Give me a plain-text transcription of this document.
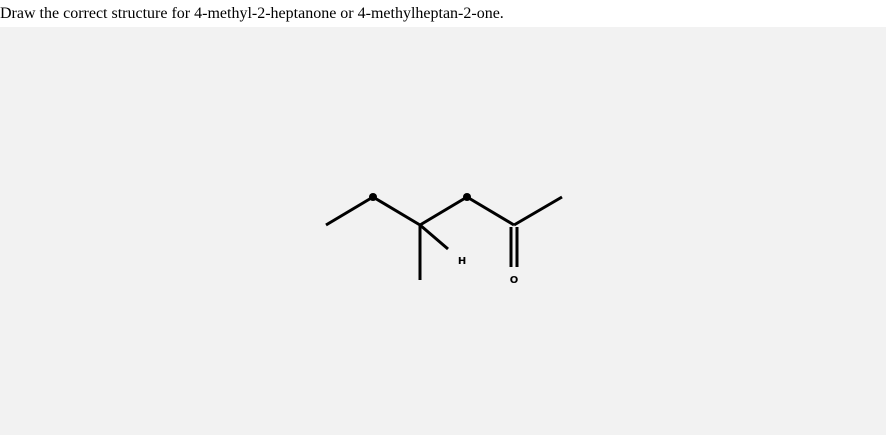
Draw the correct structure for 4-methyl-2-heptanone or 4-methylheptan-2-one.
H
O
